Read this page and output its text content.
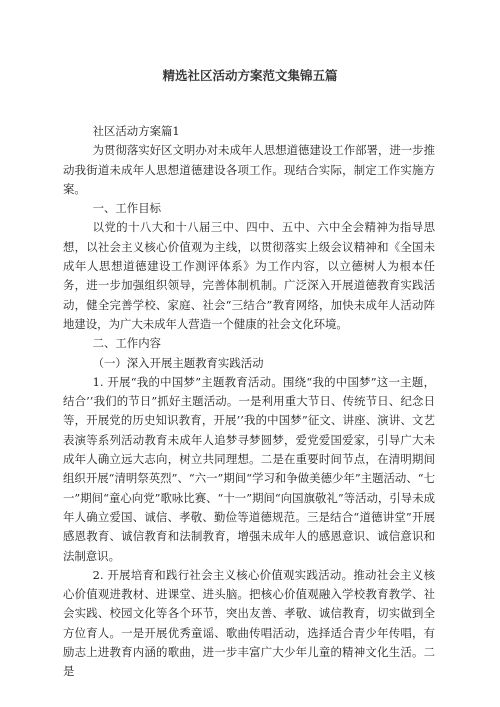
精选社区活动方案范文集锦五篇

社区活动方案篇1

为贯彻落实好区文明办对未成年人思想道德建设工作部署，进一步推动我街道未成年人思想道德建设各项工作。现结合实际，制定工作实施方案。

一、工作目标

以党的十八大和十八届三中、四中、五中、六中全会精神为指导思想，以社会主义核心价值观为主线，以贯彻落实上级会议精神和《全国未成年人思想道德建设工作测评体系》为工作内容，以立德树人为根本任务，进一步加强组织领导，完善体制机制。广泛深入开展道德教育实践活动，健全完善学校、家庭、社会“三结合”教育网络，加快未成年人活动阵地建设，为广大未成年人营造一个健康的社会文化环境。

二、工作内容

（一）深入开展主题教育实践活动

1. 开展“我的中国梦”主题教育活动。围绕“我的中国梦”这一主题，结合’’我们的节日”抓好主题活动。一是利用重大节日、传统节日、纪念日等，开展党的历史知识教育，开展’’我的中国梦”征文、讲座、演讲、文艺表演等系列活动教育未成年人追梦寻梦圆梦，爱党爱国爱家，引导广大未成年人确立远大志向，树立共同理想。二是在重要时间节点，在清明期间组织开展“清明祭英烈”、“六一”期间“学习和争做美德少年”主题活动、“七一”期间“童心向党”歌咏比赛、“十一”期间“向国旗敬礼”等活动，引导未成年人确立爱国、诚信、孝敬、勤俭等道德规范。三是结合“道德讲堂”开展感恩教育、诚信教育和法制教育，增强未成年人的感恩意识、诚信意识和法制意识。

2. 开展培育和践行社会主义核心价值观实践活动。推动社会主义核心价值观进教材、进课堂、进头脑。把核心价值观融入学校教育教学、社会实践、校园文化等各个环节，突出友善、孝敬、诚信教育，切实做到全方位育人。一是开展优秀童谣、歌曲传唱活动，选择适合青少年传唱，有励志上进教育内涵的歌曲，进一步丰富广大少年儿童的精神文化生活。二是
